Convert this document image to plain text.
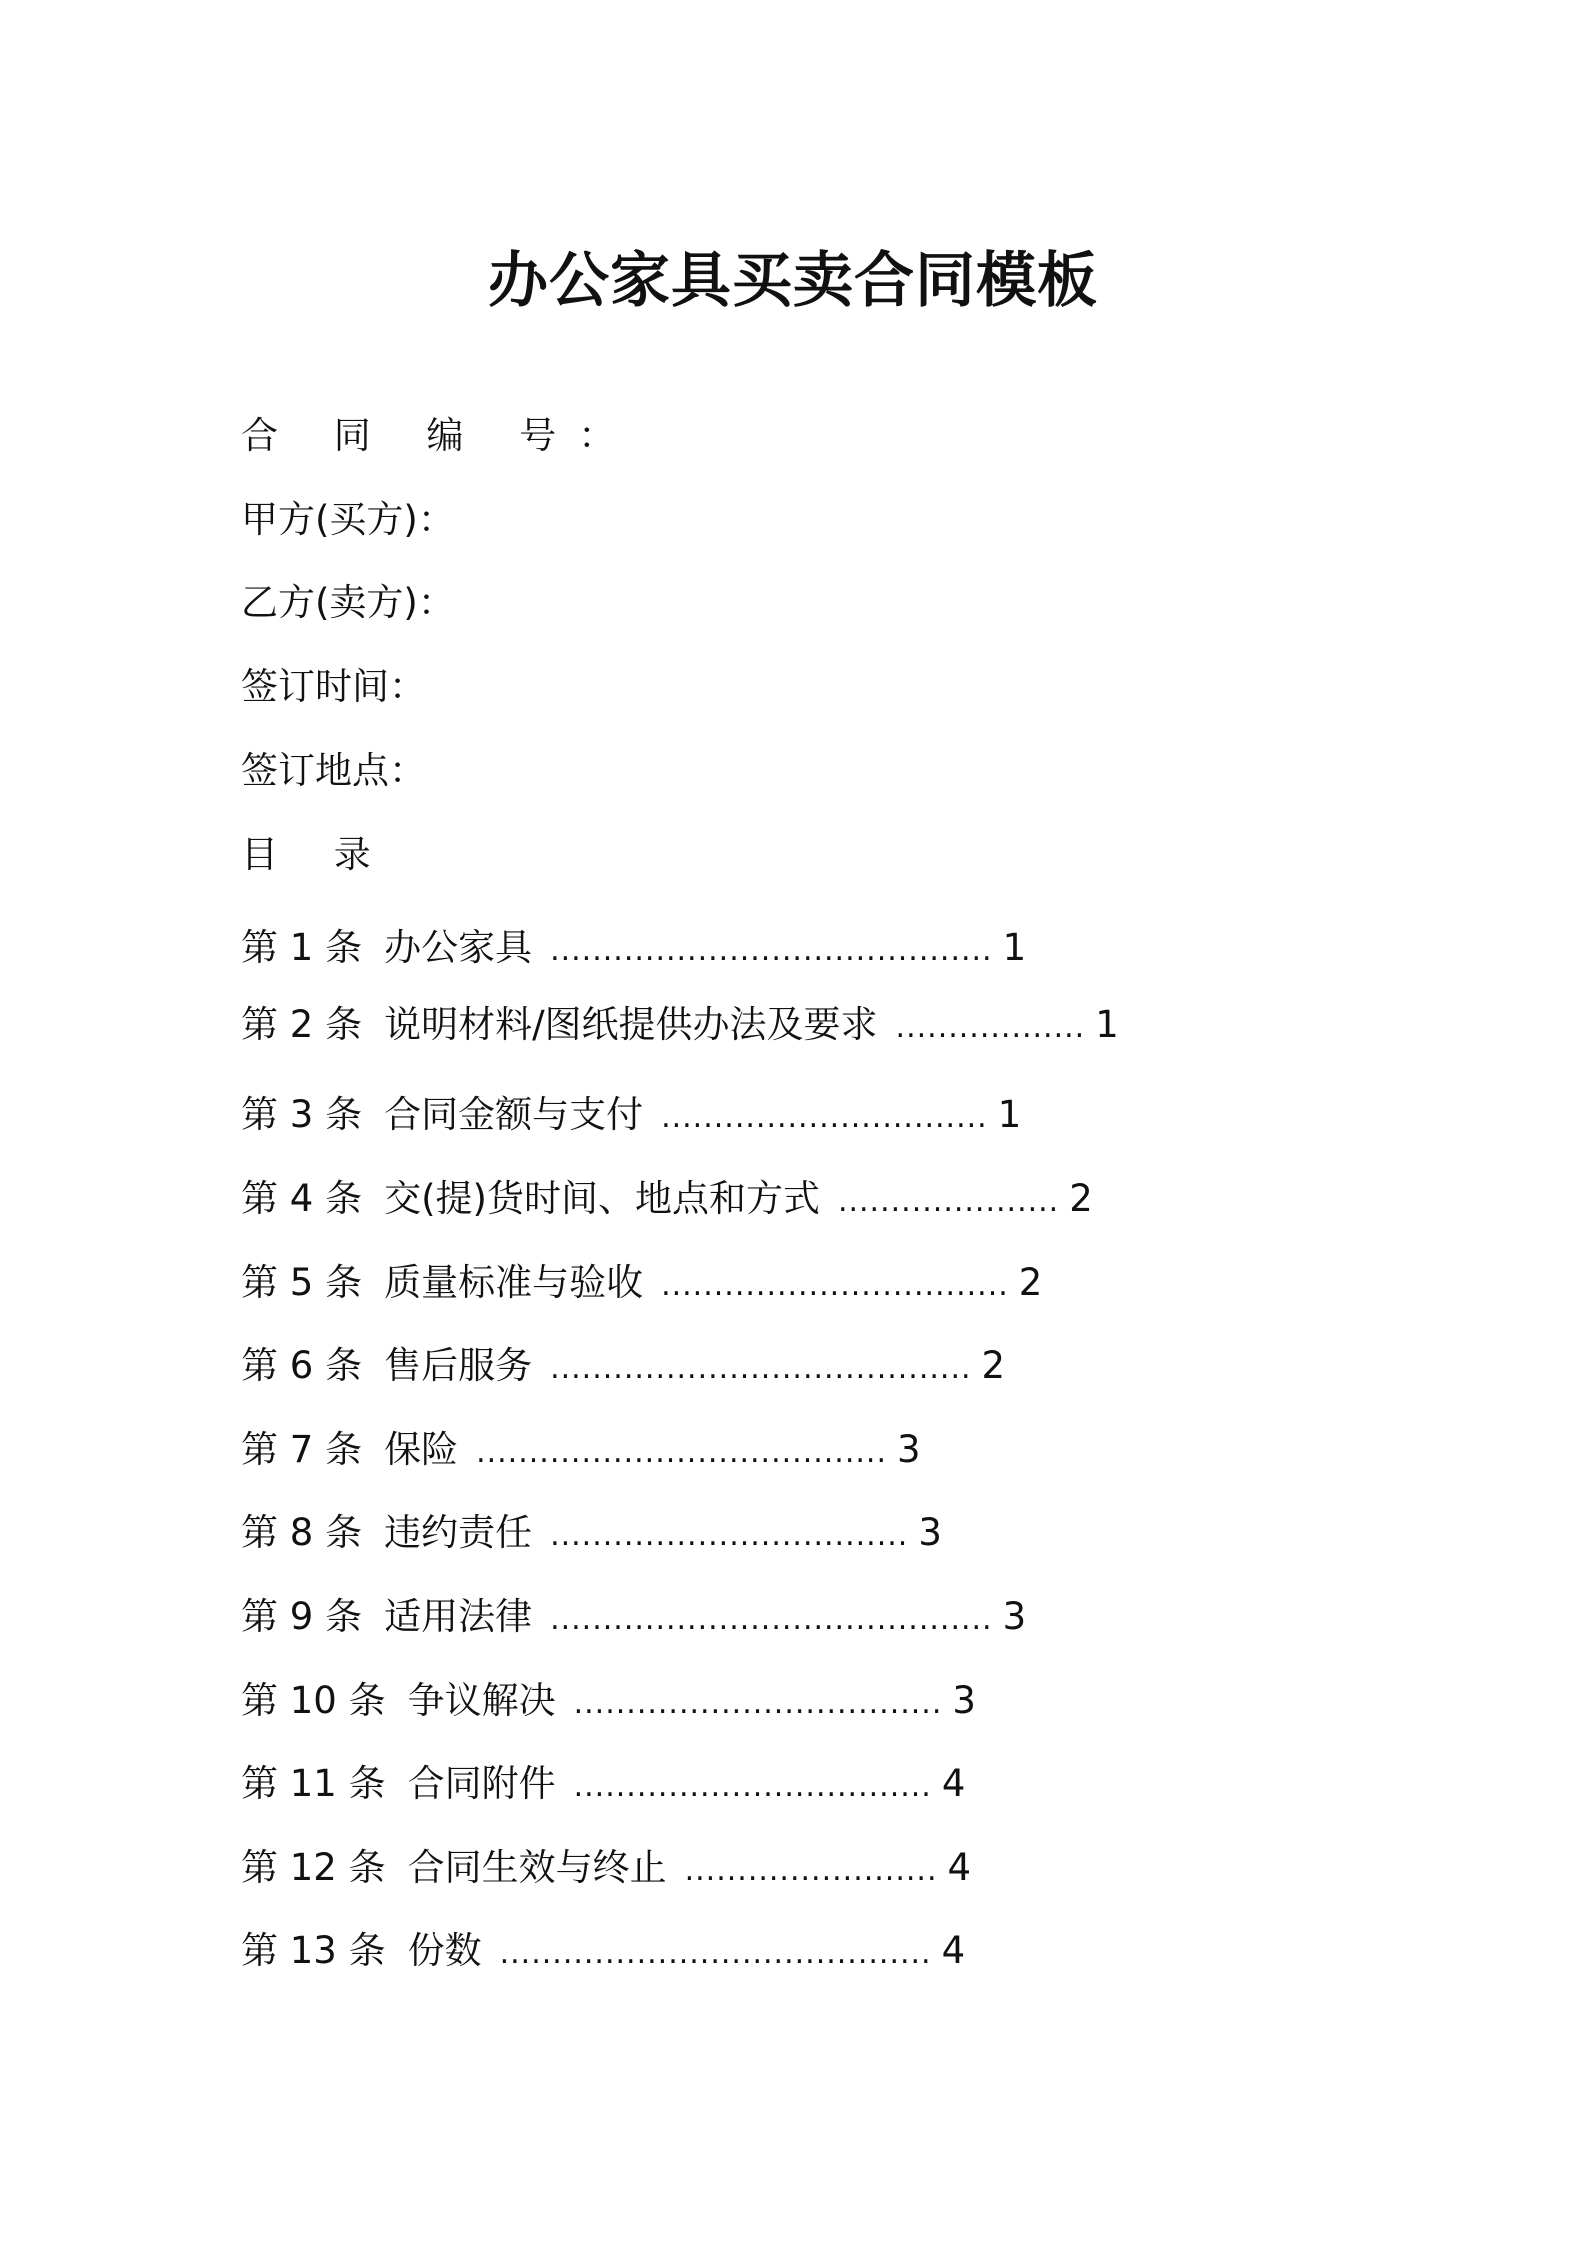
办公家具买卖合同模板
合 同 编 号：
甲方(买方)：
乙方(卖方)：
签订时间：
签订地点：
目 录
第 1 条 办公家具 .......................................... 1
第 2 条 说明材料/图纸提供办法及要求 .................. 1
第 3 条 合同金额与支付 ............................... 1
第 4 条 交(提)货时间、地点和方式 ..................... 2
第 5 条 质量标准与验收 ................................. 2
第 6 条 售后服务 ........................................ 2
第 7 条 保险 ....................................... 3
第 8 条 违约责任 .................................. 3
第 9 条 适用法律 .......................................... 3
第 10 条 争议解决 ................................... 3
第 11 条 合同附件 .................................. 4
第 12 条 合同生效与终止 ........................ 4
第 13 条 份数 ......................................... 4
